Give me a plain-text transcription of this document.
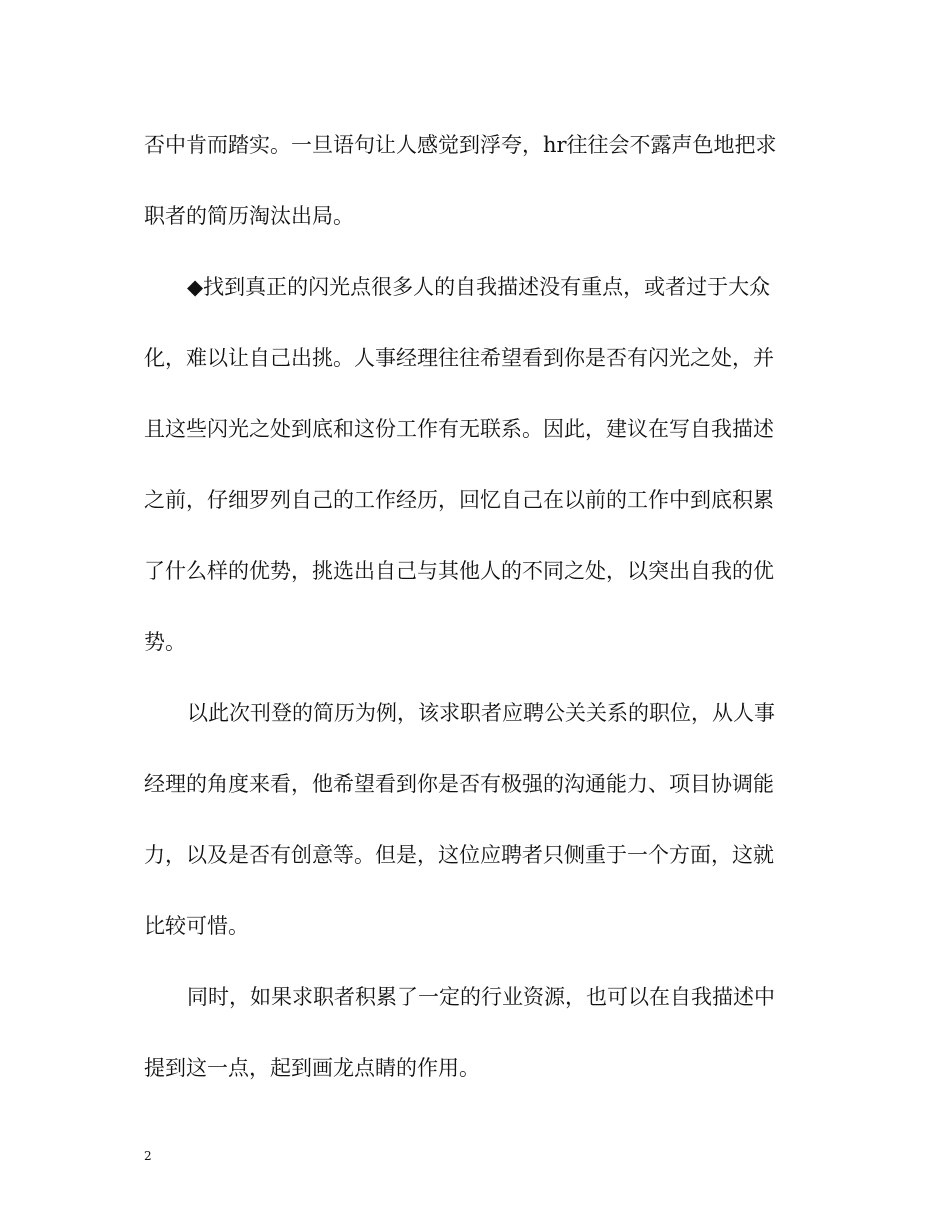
否中肯而踏实。一旦语句让人感觉到浮夸，hr往往会不露声色地把求
职者的简历淘汰出局。
◆找到真正的闪光点很多人的自我描述没有重点，或者过于大众
化，难以让自己出挑。人事经理往往希望看到你是否有闪光之处，并
且这些闪光之处到底和这份工作有无联系。因此，建议在写自我描述
之前，仔细罗列自己的工作经历，回忆自己在以前的工作中到底积累
了什么样的优势，挑选出自己与其他人的不同之处，以突出自我的优
势。
以此次刊登的简历为例，该求职者应聘公关关系的职位，从人事
经理的角度来看，他希望看到你是否有极强的沟通能力、项目协调能
力，以及是否有创意等。但是，这位应聘者只侧重于一个方面，这就
比较可惜。
同时，如果求职者积累了一定的行业资源，也可以在自我描述中
提到这一点，起到画龙点睛的作用。
2
